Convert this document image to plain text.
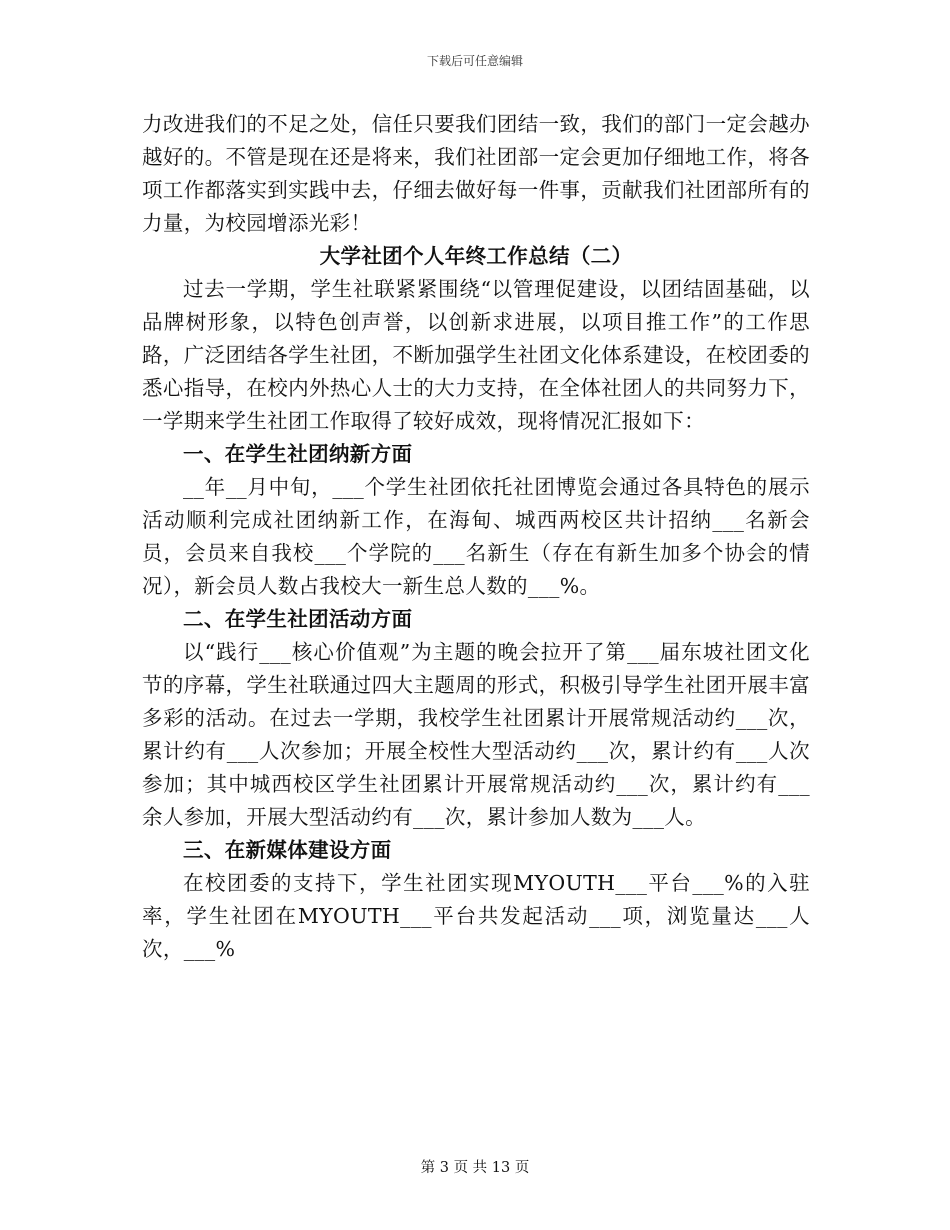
下载后可任意编辑

力改进我们的不足之处，信任只要我们团结一致，我们的部门一定会越办越好的。不管是现在还是将来，我们社团部一定会更加仔细地工作，将各项工作都落实到实践中去，仔细去做好每一件事，贡献我们社团部所有的力量，为校园增添光彩！

大学社团个人年终工作总结（二）

过去一学期，学生社联紧紧围绕“以管理促建设，以团结固基础，以品牌树形象，以特色创声誉，以创新求进展，以项目推工作”的工作思路，广泛团结各学生社团，不断加强学生社团文化体系建设，在校团委的悉心指导，在校内外热心人士的大力支持，在全体社团人的共同努力下，一学期来学生社团工作取得了较好成效，现将情况汇报如下：

一、在学生社团纳新方面

__年__月中旬，___个学生社团依托社团博览会通过各具特色的展示活动顺利完成社团纳新工作，在海甸、城西两校区共计招纳___名新会员，会员来自我校___个学院的___名新生（存在有新生加多个协会的情况），新会员人数占我校大一新生总人数的___%。

二、在学生社团活动方面

以“践行___核心价值观”为主题的晚会拉开了第___届东坡社团文化节的序幕，学生社联通过四大主题周的形式，积极引导学生社团开展丰富多彩的活动。在过去一学期，我校学生社团累计开展常规活动约___次，累计约有___人次参加；开展全校性大型活动约___次，累计约有___人次参加；其中城西校区学生社团累计开展常规活动约___次，累计约有___余人参加，开展大型活动约有___次，累计参加人数为___人。

三、在新媒体建设方面

在校团委的支持下，学生社团实现MYOUTH___平台___%的入驻率，学生社团在MYOUTH___平台共发起活动___项，浏览量达___人次，___%

第 3 页 共 13 页
